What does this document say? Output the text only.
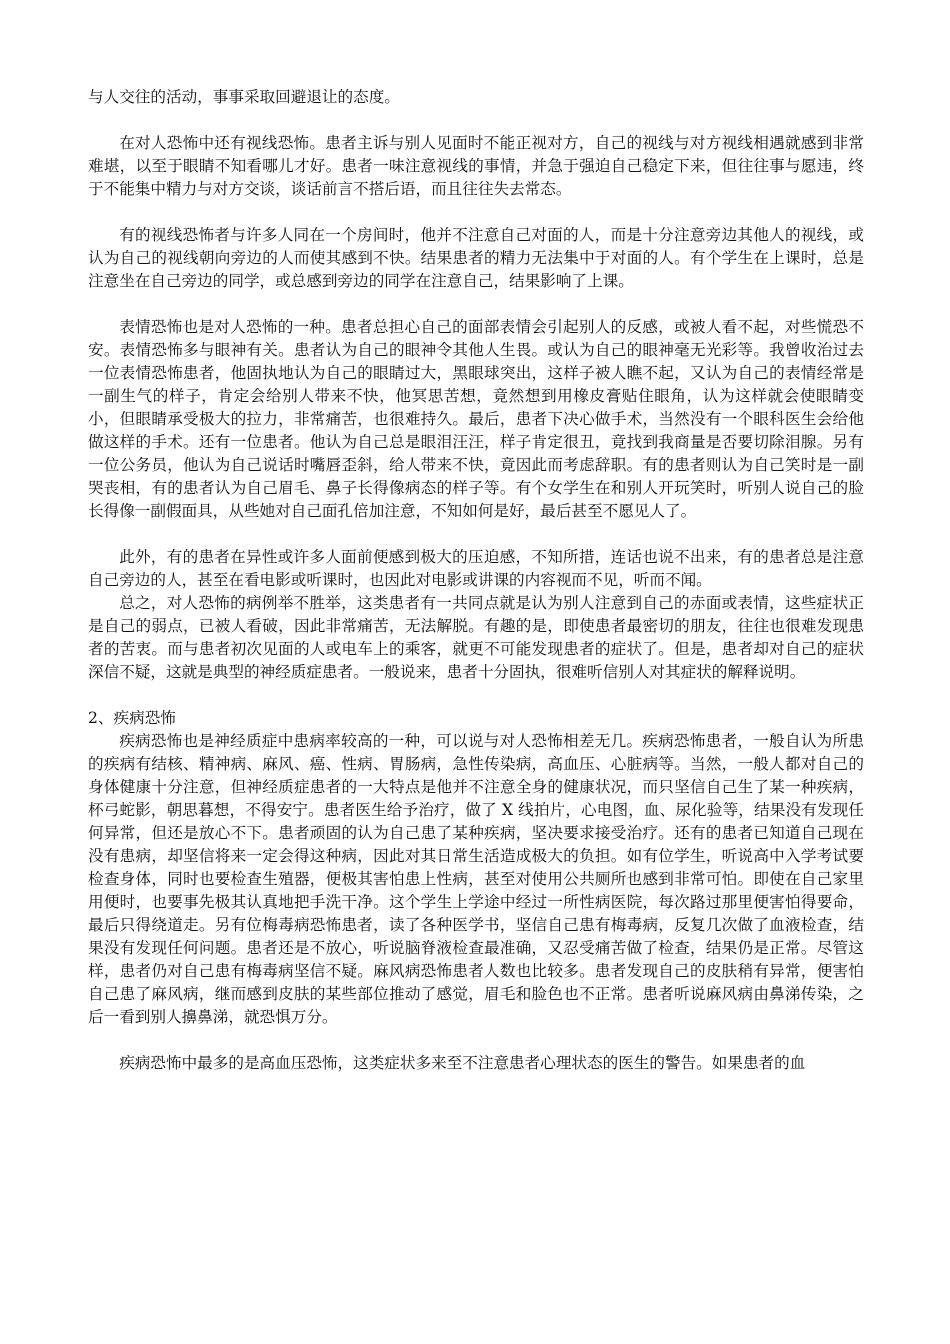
与人交往的活动，事事采取回避退让的态度。

在对人恐怖中还有视线恐怖。患者主诉与别人见面时不能正视对方，自己的视线与对方视线相遇就感到非常难堪，以至于眼睛不知看哪儿才好。患者一味注意视线的事情，并急于强迫自己稳定下来，但往往事与愿违，终于不能集中精力与对方交谈，谈话前言不搭后语，而且往往失去常态。

有的视线恐怖者与许多人同在一个房间时，他并不注意自己对面的人，而是十分注意旁边其他人的视线，或认为自己的视线朝向旁边的人而使其感到不快。结果患者的精力无法集中于对面的人。有个学生在上课时，总是注意坐在自己旁边的同学，或总感到旁边的同学在注意自己，结果影响了上课。

表情恐怖也是对人恐怖的一种。患者总担心自己的面部表情会引起别人的反感，或被人看不起，对些慌恐不安。表情恐怖多与眼神有关。患者认为自己的眼神令其他人生畏。或认为自己的眼神毫无光彩等。我曾收治过去一位表情恐怖患者，他固执地认为自己的眼睛过大，黑眼球突出，这样子被人瞧不起，又认为自己的表情经常是一副生气的样子，肯定会给别人带来不快，他冥思苦想，竟然想到用橡皮膏贴住眼角，认为这样就会使眼睛变小，但眼睛承受极大的拉力，非常痛苦，也很难持久。最后，患者下决心做手术，当然没有一个眼科医生会给他做这样的手术。还有一位患者。他认为自己总是眼泪汪汪，样子肯定很丑，竟找到我商量是否要切除泪腺。另有一位公务员，他认为自己说话时嘴唇歪斜，给人带来不快，竟因此而考虑辞职。有的患者则认为自己笑时是一副哭丧相，有的患者认为自己眉毛、鼻子长得像病态的样子等。有个女学生在和别人开玩笑时，听别人说自己的脸长得像一副假面具，从些她对自己面孔倍加注意，不知如何是好，最后甚至不愿见人了。

此外，有的患者在异性或许多人面前便感到极大的压迫感，不知所措，连话也说不出来，有的患者总是注意自己旁边的人，甚至在看电影或听课时，也因此对电影或讲课的内容视而不见，听而不闻。

总之，对人恐怖的病例举不胜举，这类患者有一共同点就是认为别人注意到自己的赤面或表情，这些症状正是自己的弱点，已被人看破，因此非常痛苦，无法解脱。有趣的是，即使患者最密切的朋友，往往也很难发现患者的苦衷。而与患者初次见面的人或电车上的乘客，就更不可能发现患者的症状了。但是，患者却对自己的症状深信不疑，这就是典型的神经质症患者。一般说来，患者十分固执，很难听信别人对其症状的解释说明。

2、疾病恐怖

疾病恐怖也是神经质症中患病率较高的一种，可以说与对人恐怖相差无几。疾病恐怖患者，一般自认为所患的疾病有结核、精神病、麻风、癌、性病、胃肠病，急性传染病，高血压、心脏病等。当然，一般人都对自己的身体健康十分注意，但神经质症患者的一大特点是他并不注意全身的健康状况，而只坚信自己生了某一种疾病，杯弓蛇影，朝思暮想，不得安宁。患者医生给予治疗，做了 X 线拍片，心电图，血、尿化验等，结果没有发现任何异常，但还是放心不下。患者顽固的认为自己患了某种疾病，坚决要求接受治疗。还有的患者已知道自己现在没有患病，却坚信将来一定会得这种病，因此对其日常生活造成极大的负担。如有位学生，听说高中入学考试要检查身体，同时也要检查生殖器，便极其害怕患上性病，甚至对使用公共厕所也感到非常可怕。即使在自己家里用便时，也要事先极其认真地把手洗干净。这个学生上学途中经过一所性病医院，每次路过那里便害怕得要命，最后只得绕道走。另有位梅毒病恐怖患者，读了各种医学书，坚信自己患有梅毒病，反复几次做了血液检查，结果没有发现任何问题。患者还是不放心，听说脑脊液检查最准确，又忍受痛苦做了检查，结果仍是正常。尽管这样，患者仍对自己患有梅毒病坚信不疑。麻风病恐怖患者人数也比较多。患者发现自己的皮肤稍有异常，便害怕自己患了麻风病，继而感到皮肤的某些部位推动了感觉，眉毛和脸色也不正常。患者听说麻风病由鼻涕传染，之后一看到别人擤鼻涕，就恐惧万分。

疾病恐怖中最多的是高血压恐怖，这类症状多来至不注意患者心理状态的医生的警告。如果患者的血
